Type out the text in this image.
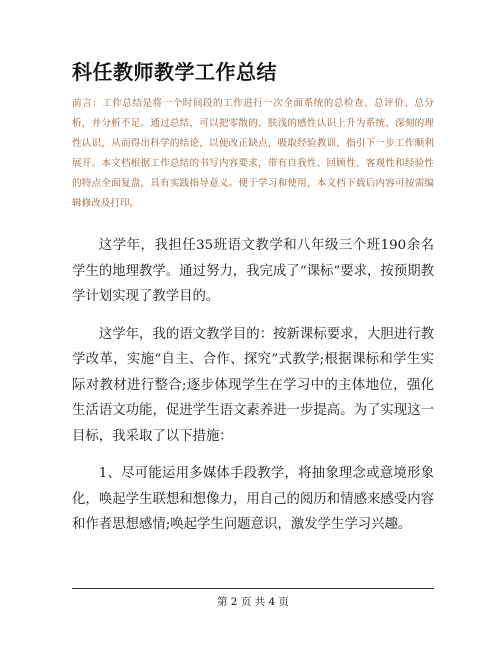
科任教师教学工作总结
前言：工作总结是将一个时间段的工作进行一次全面系统的总检查、总评价、总分析，并分析不足。通过总结，可以把零散的、肤浅的感性认识上升为系统、深刻的理性认识，从而得出科学的结论，以便改正缺点，吸取经验教训，指引下一步工作顺利展开。本文档根据工作总结的书写内容要求，带有自我性、回顾性、客观性和经验性的特点全面复盘，具有实践指导意义。便于学习和使用，本文档下载后内容可按需编辑修改及打印。

这学年，我担任35班语文教学和八年级三个班190余名学生的地理教学。通过努力，我完成了“课标”要求，按预期教学计划实现了教学目的。

这学年，我的语文教学目的：按新课标要求，大胆进行教学改革，实施“自主、合作、探究”式教学;根据课标和学生实际对教材进行整合;逐步体现学生在学习中的主体地位，强化生活语文功能，促进学生语文素养进一步提高。为了实现这一目标，我采取了以下措施：

1、尽可能运用多媒体手段教学，将抽象理念或意境形象化，唤起学生联想和想像力，用自己的阅历和情感来感受内容和作者思想感情;唤起学生问题意识，激发学生学习兴趣。

第 2 页 共 4 页
